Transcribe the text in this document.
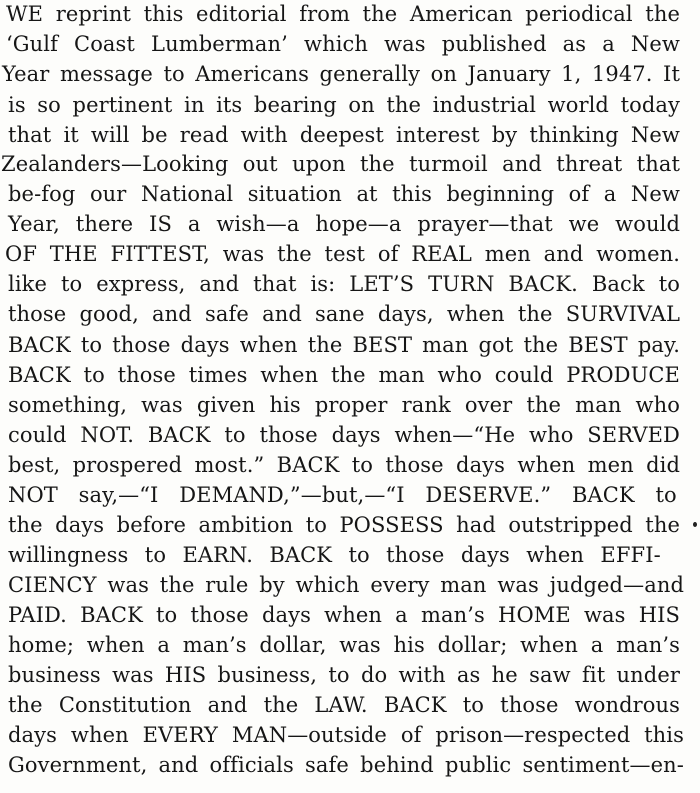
WE reprint this editorial from the American periodical the
‘Gulf Coast Lumberman’ which was published as a New
Year message to Americans generally on January 1, 1947. It
is so pertinent in its bearing on the industrial world today
that it will be read with deepest interest by thinking New
Zealanders—Looking out upon the turmoil and threat that
be-fog our National situation at this beginning of a New
Year, there IS a wish—a hope—a prayer—that we would
OF THE FITTEST, was the test of REAL men and women.
like to express, and that is: LET’S TURN BACK. Back to
those good, and safe and sane days, when the SURVIVAL
BACK to those days when the BEST man got the BEST pay.
BACK to those times when the man who could PRODUCE
something, was given his proper rank over the man who
could NOT. BACK to those days when—“He who SERVED
best, prospered most.” BACK to those days when men did
NOT say,—“I DEMAND,”—but,—“I DESERVE.” BACK to
the days before ambition to POSSESS had outstripped the
willingness to EARN. BACK to those days when EFFI-
CIENCY was the rule by which every man was judged—and
PAID. BACK to those days when a man’s HOME was HIS
home; when a man’s dollar, was his dollar; when a man’s
business was HIS business, to do with as he saw fit under
the Constitution and the LAW. BACK to those wondrous
days when EVERY MAN—outside of prison—respected this
Government, and officials safe behind public sentiment—en-
